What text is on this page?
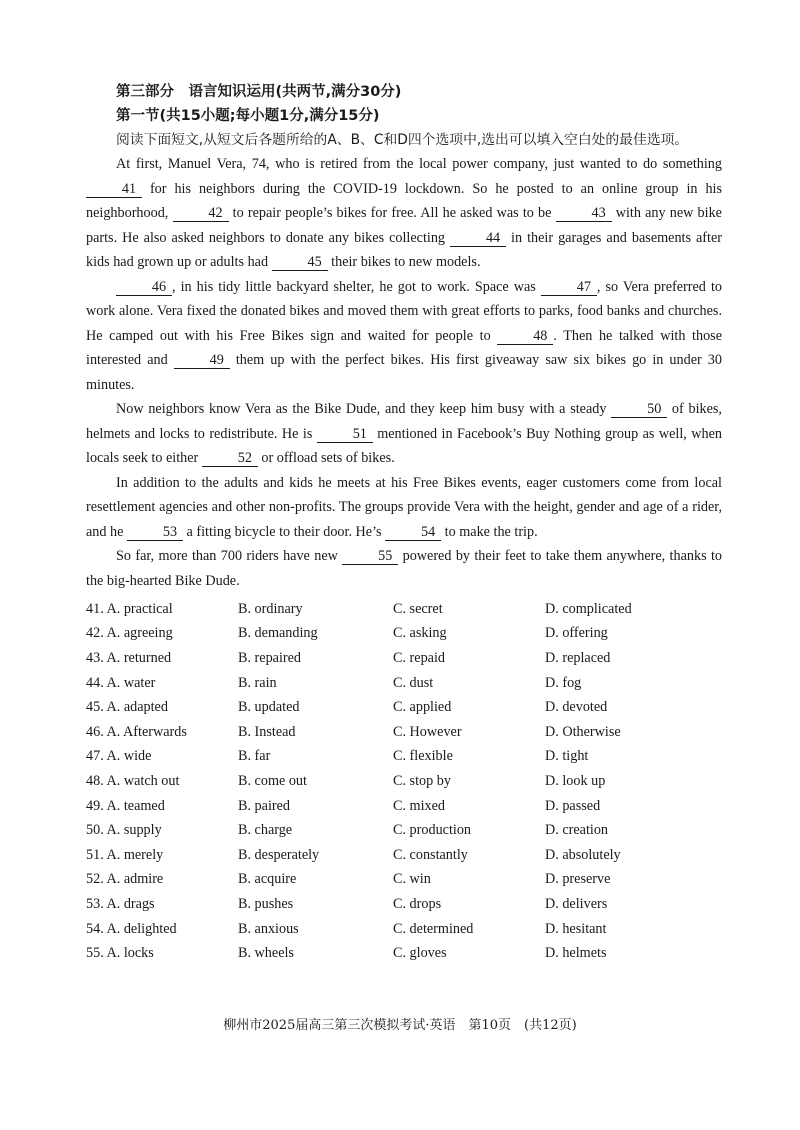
第三部分　语言知识运用(共两节,满分30分)
第一节(共15小题;每小题1分,满分15分)

阅读下面短文,从短文后各题所给的A、B、C和D四个选项中,选出可以填入空白处的最佳选项。

At first, Manuel Vera, 74, who is retired from the local power company, just wanted to do something 41 for his neighbors during the COVID-19 lockdown. So he posted to an online group in his neighborhood,	42 to repair people’s bikes for free. All he asked was to be	43 with any new bike parts. He also asked neighbors to donate any bikes collecting	44 in their garages and basements after kids had grown up or adults had	45 their bikes to new models.

46 , in his tidy little backyard shelter, he got to work. Space was	47 , so Vera preferred to work alone. Vera fixed the donated bikes and moved them with great efforts to parks, food banks and churches. He camped out with his Free Bikes sign and waited for people to	48 . Then he talked with those interested and	49 them up with the perfect bikes. His first giveaway saw six bikes go in under 30 minutes.

Now neighbors know Vera as the Bike Dude, and they keep him busy with a steady	50 of bikes, helmets and locks to redistribute. He is	51 mentioned in Facebook’s Buy Nothing group as well, when locals seek to either	52 or offload sets of bikes.

In addition to the adults and kids he meets at his Free Bikes events, eager customers come from local resettlement agencies and other non-profits. The groups provide Vera with the height, gender and age of a rider, and he	53 a fitting bicycle to their door. He’s	54 to make the trip.

So far, more than 700 riders have new	55 powered by their feet to take them anywhere, thanks to the big-hearted Bike Dude.

41. A. practical	B. ordinary	C. secret	D. complicated
42. A. agreeing	B. demanding	C. asking	D. offering
43. A. returned	B. repaired	C. repaid	D. replaced
44. A. water	B. rain	C. dust	D. fog
45. A. adapted	B. updated	C. applied	D. devoted
46. A. Afterwards	B. Instead	C. However	D. Otherwise
47. A. wide	B. far	C. flexible	D. tight
48. A. watch out	B. come out	C. stop by	D. look up
49. A. teamed	B. paired	C. mixed	D. passed
50. A. supply	B. charge	C. production	D. creation
51. A. merely	B. desperately	C. constantly	D. absolutely
52. A. admire	B. acquire	C. win	D. preserve
53. A. drags	B. pushes	C. drops	D. delivers
54. A. delighted	B. anxious	C. determined	D. hesitant
55. A. locks	B. wheels	C. gloves	D. helmets
柳州市2025届高三第三次模拟考试·英语　第10页　(共12页)
